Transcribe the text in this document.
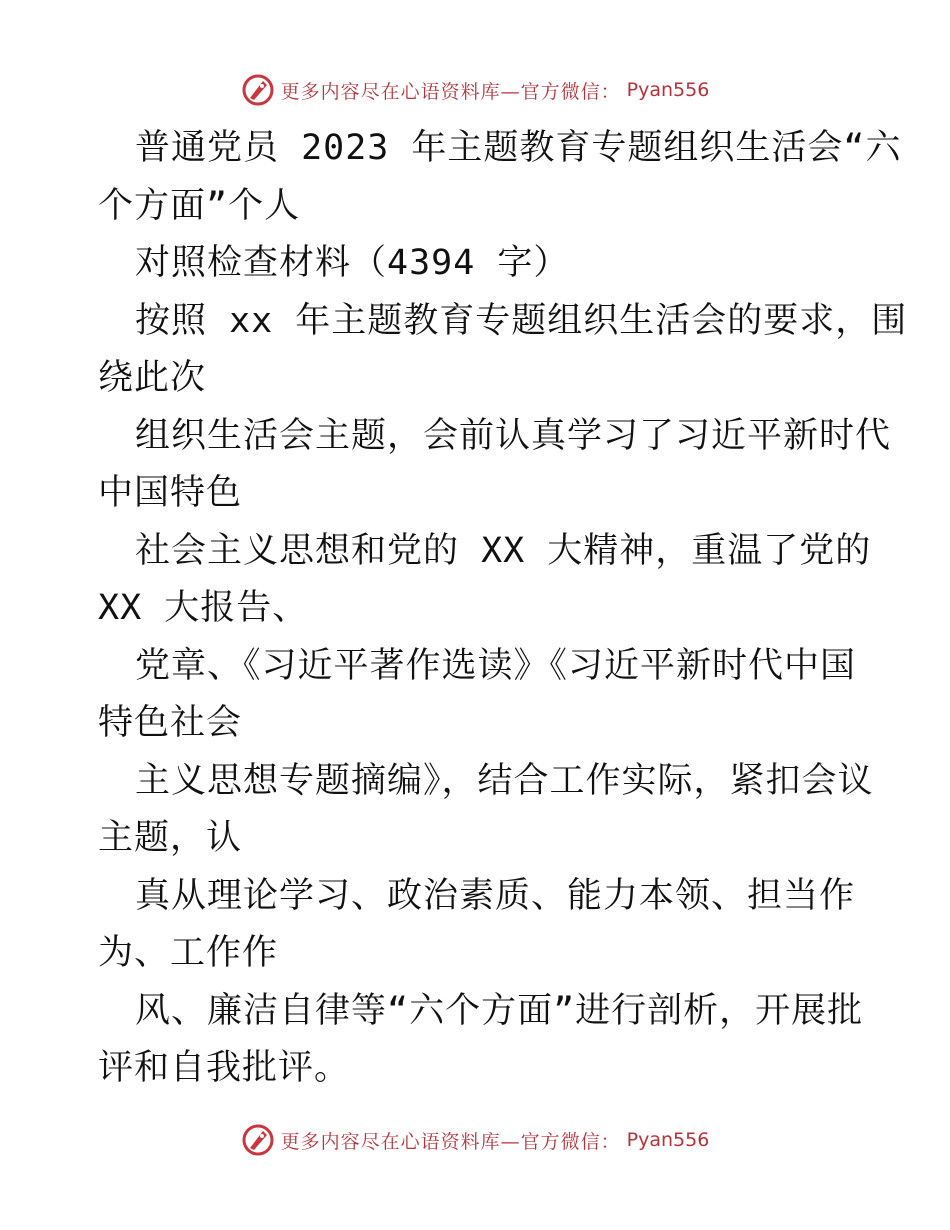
更多内容尽在心语资料库—官方微信： Pyan556
普通党员 2023 年主题教育专题组织生活会“六
个方面”个人
对照检查材料（4394 字）
按照 xx 年主题教育专题组织生活会的要求，围
绕此次
组织生活会主题，会前认真学习了习近平新时代
中国特色
社会主义思想和党的 XX 大精神，重温了党的
XX 大报告、
党章、《习近平著作选读》《习近平新时代中国
特色社会
主义思想专题摘编》，结合工作实际，紧扣会议
主题，认
真从理论学习、政治素质、能力本领、担当作
为、工作作
风、廉洁自律等“六个方面”进行剖析，开展批
评和自我批评。
更多内容尽在心语资料库—官方微信： Pyan556
